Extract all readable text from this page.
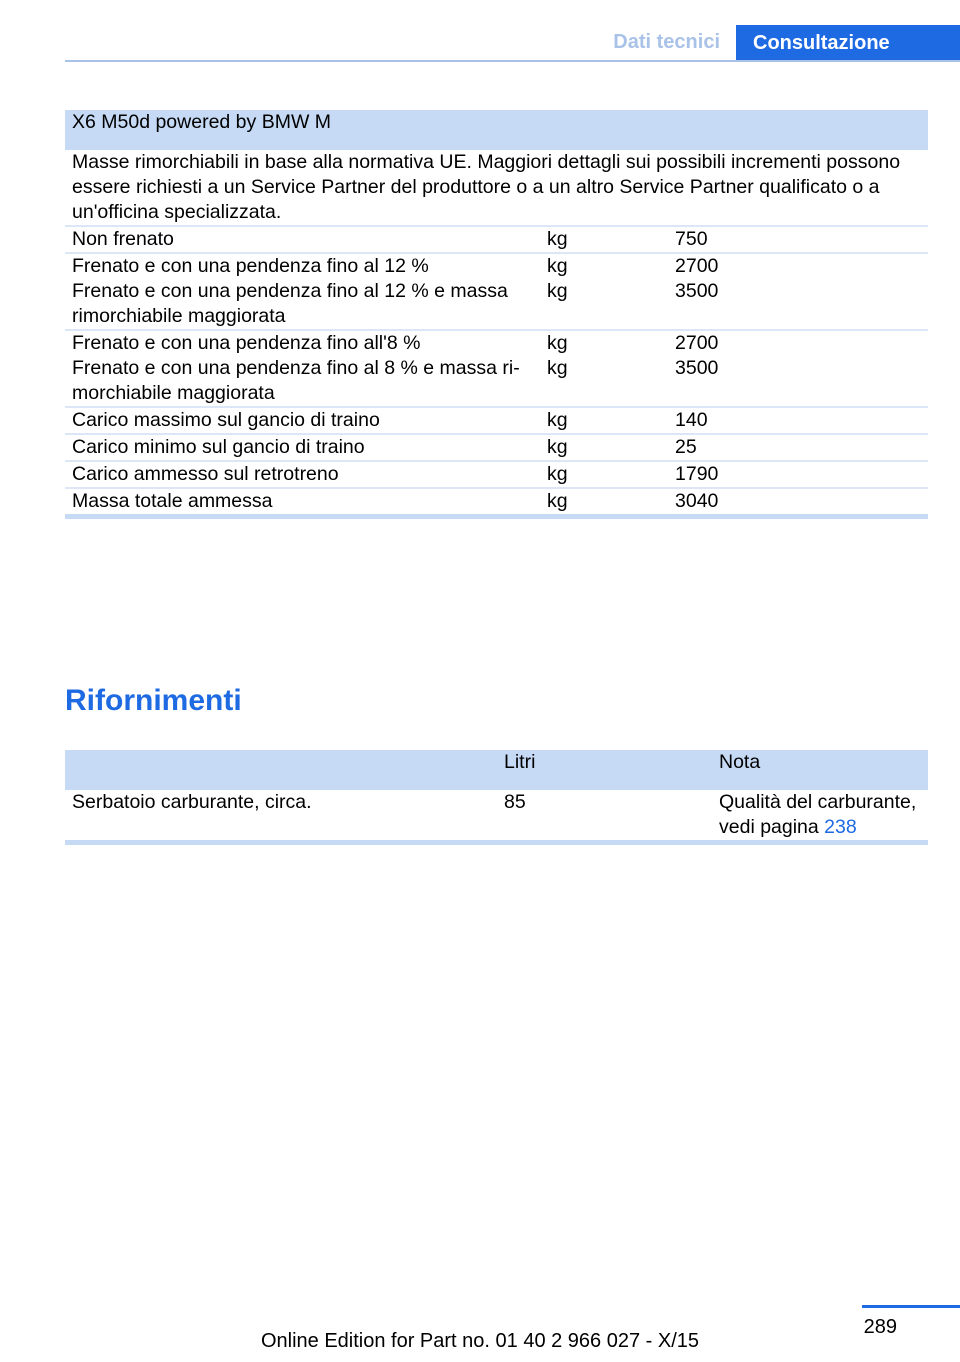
Dati tecnici	Consultazione
X6 M50d powered by BMW M		
Masse rimorchiabili in base alla normativa UE. Maggiori dettagli sui possibili incrementi possono essere richiesti a un Service Partner del produttore o a un altro Service Partner qualificato o a un'officina specializzata.		
Non frenato	kg	750
Frenato e con una pendenza fino al 12 %	kg	2700
Frenato e con una pendenza fino al 12 % e massa rimorchiabile maggiorata	kg	3500
Frenato e con una pendenza fino all'8 %	kg	2700
Frenato e con una pendenza fino al 8 % e massa ri-morchiabile maggiorata	kg	3500
Carico massimo sul gancio di traino	kg	140
Carico minimo sul gancio di traino	kg	25
Carico ammesso sul retrotreno	kg	1790
Massa totale ammessa	kg	3040
Rifornimenti
	Litri	Nota
Serbatoio carburante, circa.	85	Qualità del carburante, vedi pagina 238
289
Online Edition for Part no. 01 40 2 966 027 - X/15
